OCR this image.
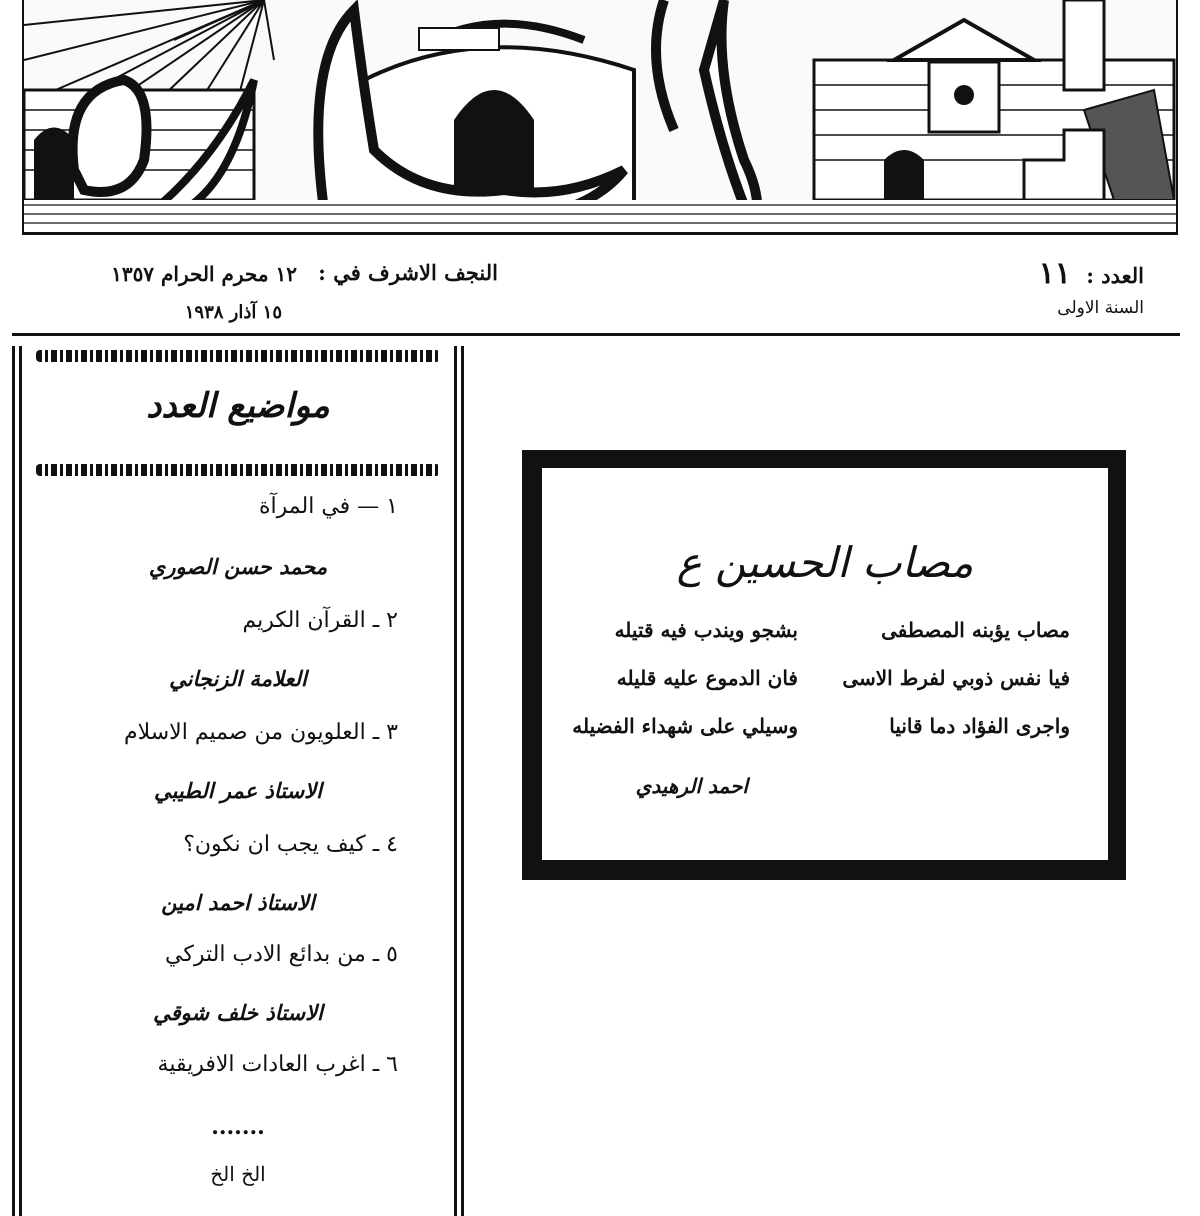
العدد : ١١
السنة الاولى
النجف الاشرف في :
١٢ محرم الحرام ١٣٥٧
١٥ آذار ١٩٣٨
مواضيع العدد
١ — في المرآة
محمد حسن الصوري
٢ ـ القرآن الكريم
العلامة الزنجاني
٣ ـ العلويون من صميم الاسلام
الاستاذ عمر الطيبي
٤ ـ كيف يجب ان نكون؟
الاستاذ احمد امين
٥ ـ من بدائع الادب التركي
الاستاذ خلف شوقي
٦ ـ اغرب العادات الافريقية
.......
الخ الخ
مصاب الحسين ع
مصاب يؤبنه المصطفى
بشجو ويندب فيه قتيله
فيا نفس ذوبي لفرط الاسى
فان الدموع عليه قليله
واجرى الفؤاد دما قانيا
وسيلي على شهداء الفضيله
احمد الرهيدي
